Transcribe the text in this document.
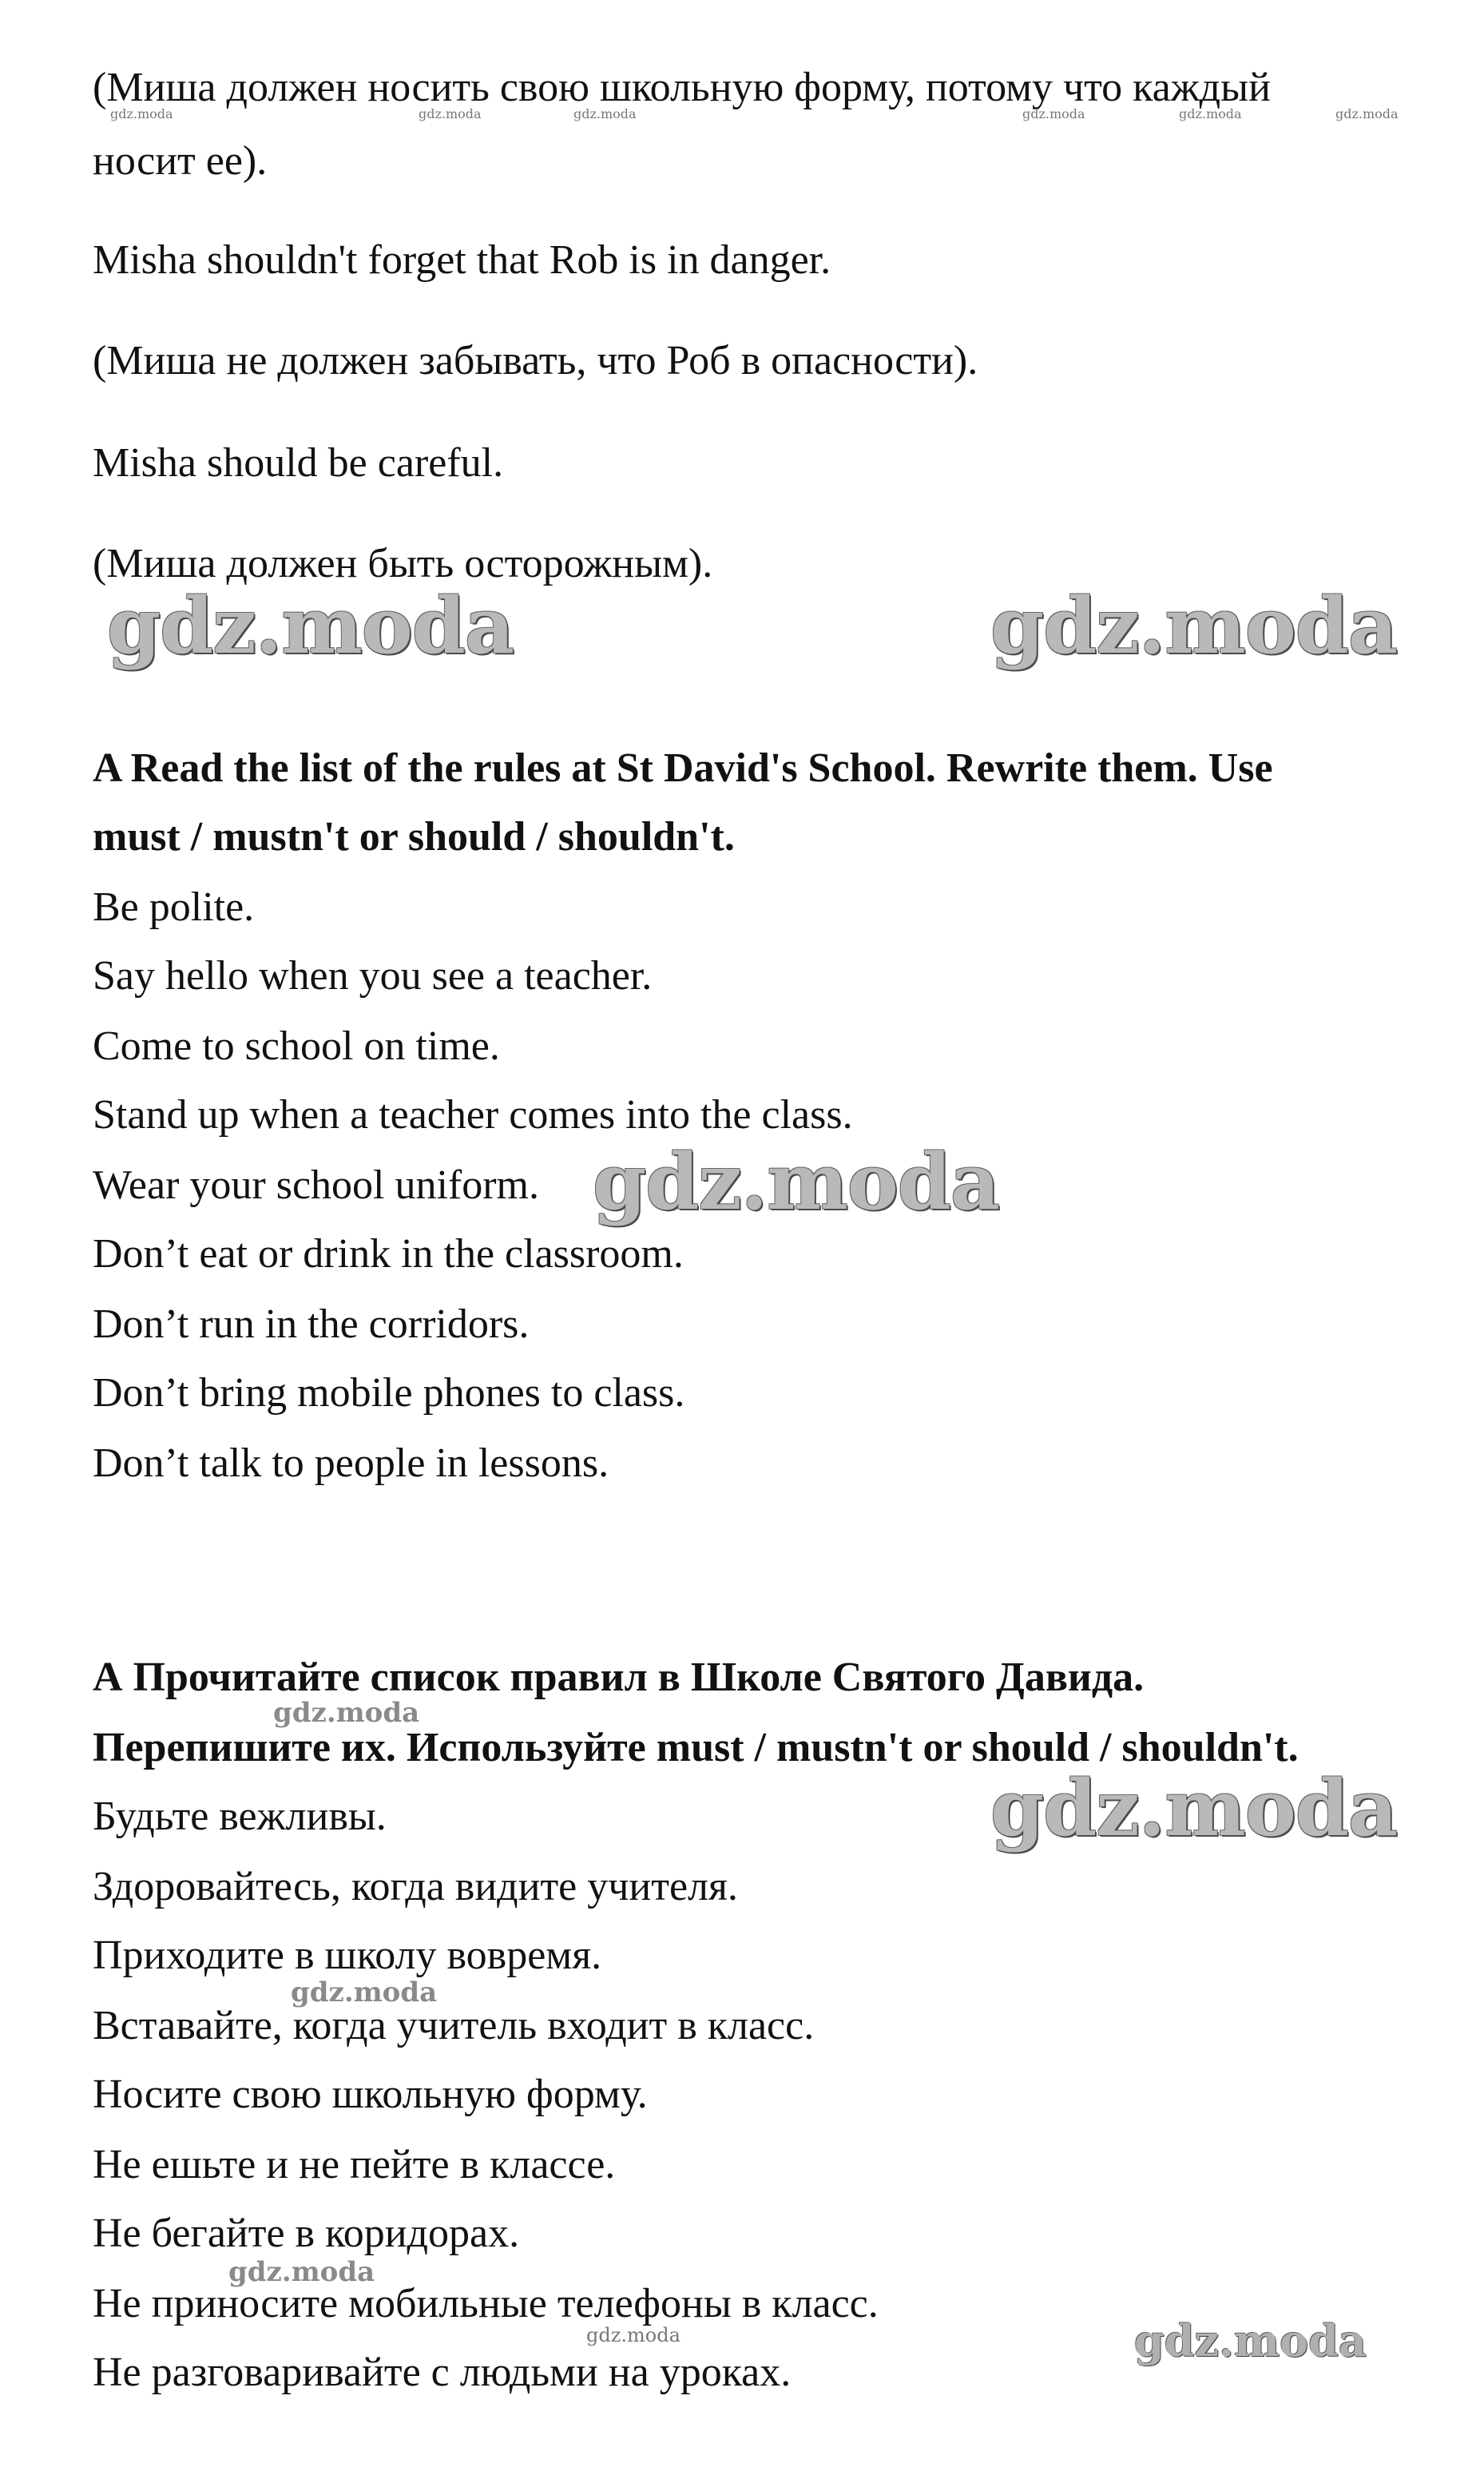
(Миша должен носить свою школьную форму, потому что каждый
носит ее).
Misha shouldn't forget that Rob is in danger.
(Миша не должен забывать, что Роб в опасности).
Misha should be careful.
(Миша должен быть осторожным).
A Read the list of the rules at St David's School. Rewrite them. Use
must / mustn't or should / shouldn't.
Be polite.
Say hello when you see a teacher.
Come to school on time.
Stand up when a teacher comes into the class.
Wear your school uniform.
Don’t eat or drink in the classroom.
Don’t run in the corridors.
Don’t bring mobile phones to class.
Don’t talk to people in lessons.
А Прочитайте список правил в Школе Святого Давида.
Перепишите их. Используйте must / mustn't or should / shouldn't.
Будьте вежливы.
Здоровайтесь, когда видите учителя.
Приходите в школу вовремя.
Вставайте, когда учитель входит в класс.
Носите свою школьную форму.
Не ешьте и не пейте в классе.
Не бегайте в коридорах.
Не приносите мобильные телефоны в класс.
Не разговаривайте с людьми на уроках.
gdz.moda	gdz.moda	gdz.moda	gdz.moda	gdz.moda	gdz.moda
gdz.moda	gdz.moda
gdz.moda
gdz.moda
gdz.moda
gdz.moda
gdz.moda
gdz.moda	gdz.moda
